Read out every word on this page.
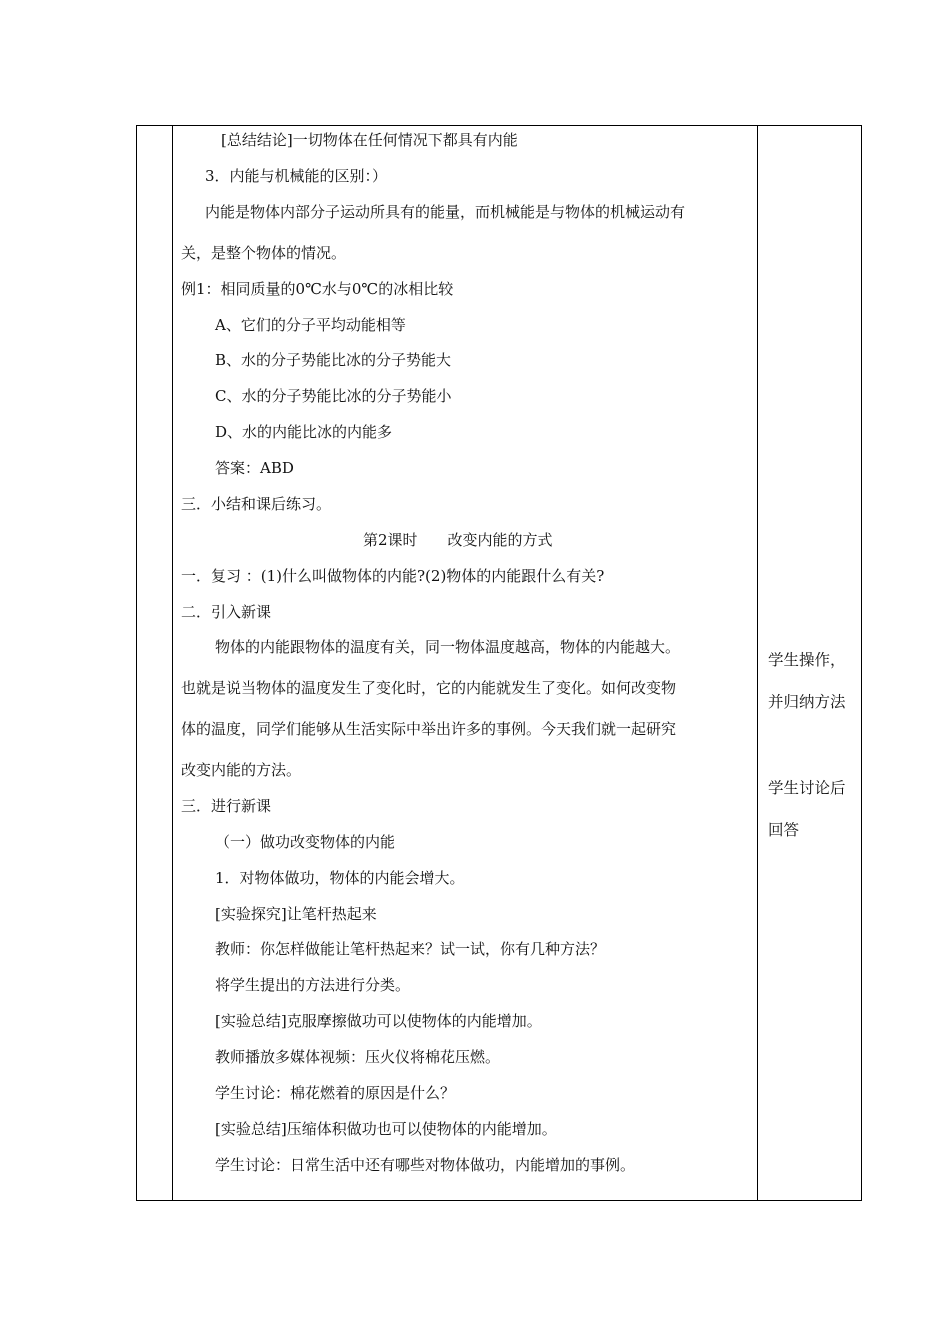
[总结结论]一切物体在任何情况下都具有内能
3．内能与机械能的区别：）
内能是物体内部分子运动所具有的能量，而机械能是与物体的机械运动有
关，是整个物体的情况。
例1：相同质量的0℃水与0℃的冰相比较
A、它们的分子平均动能相等
B、水的分子势能比冰的分子势能大
C、水的分子势能比冰的分子势能小
D、水的内能比冰的内能多
答案：ABD
三．小结和课后练习。
第2课时　　改变内能的方式
一．复习 ：(1)什么叫做物体的内能?(2)物体的内能跟什么有关?
二．引入新课
物体的内能跟物体的温度有关，同一物体温度越高，物体的内能越大。
也就是说当物体的温度发生了变化时，它的内能就发生了变化。如何改变物
体的温度，同学们能够从生活实际中举出许多的事例。今天我们就一起研究
改变内能的方法。
三．进行新课
（一）做功改变物体的内能
1．对物体做功，物体的内能会增大。
[实验探究]让笔杆热起来
教师：你怎样做能让笔杆热起来？试一试，你有几种方法？
将学生提出的方法进行分类。
[实验总结]克服摩擦做功可以使物体的内能增加。
教师播放多媒体视频：压火仪将棉花压燃。
学生讨论：棉花燃着的原因是什么？
[实验总结]压缩体积做功也可以使物体的内能增加。
学生讨论：日常生活中还有哪些对物体做功，内能增加的事例。
学生操作，
并归纳方法
学生讨论后
回答
